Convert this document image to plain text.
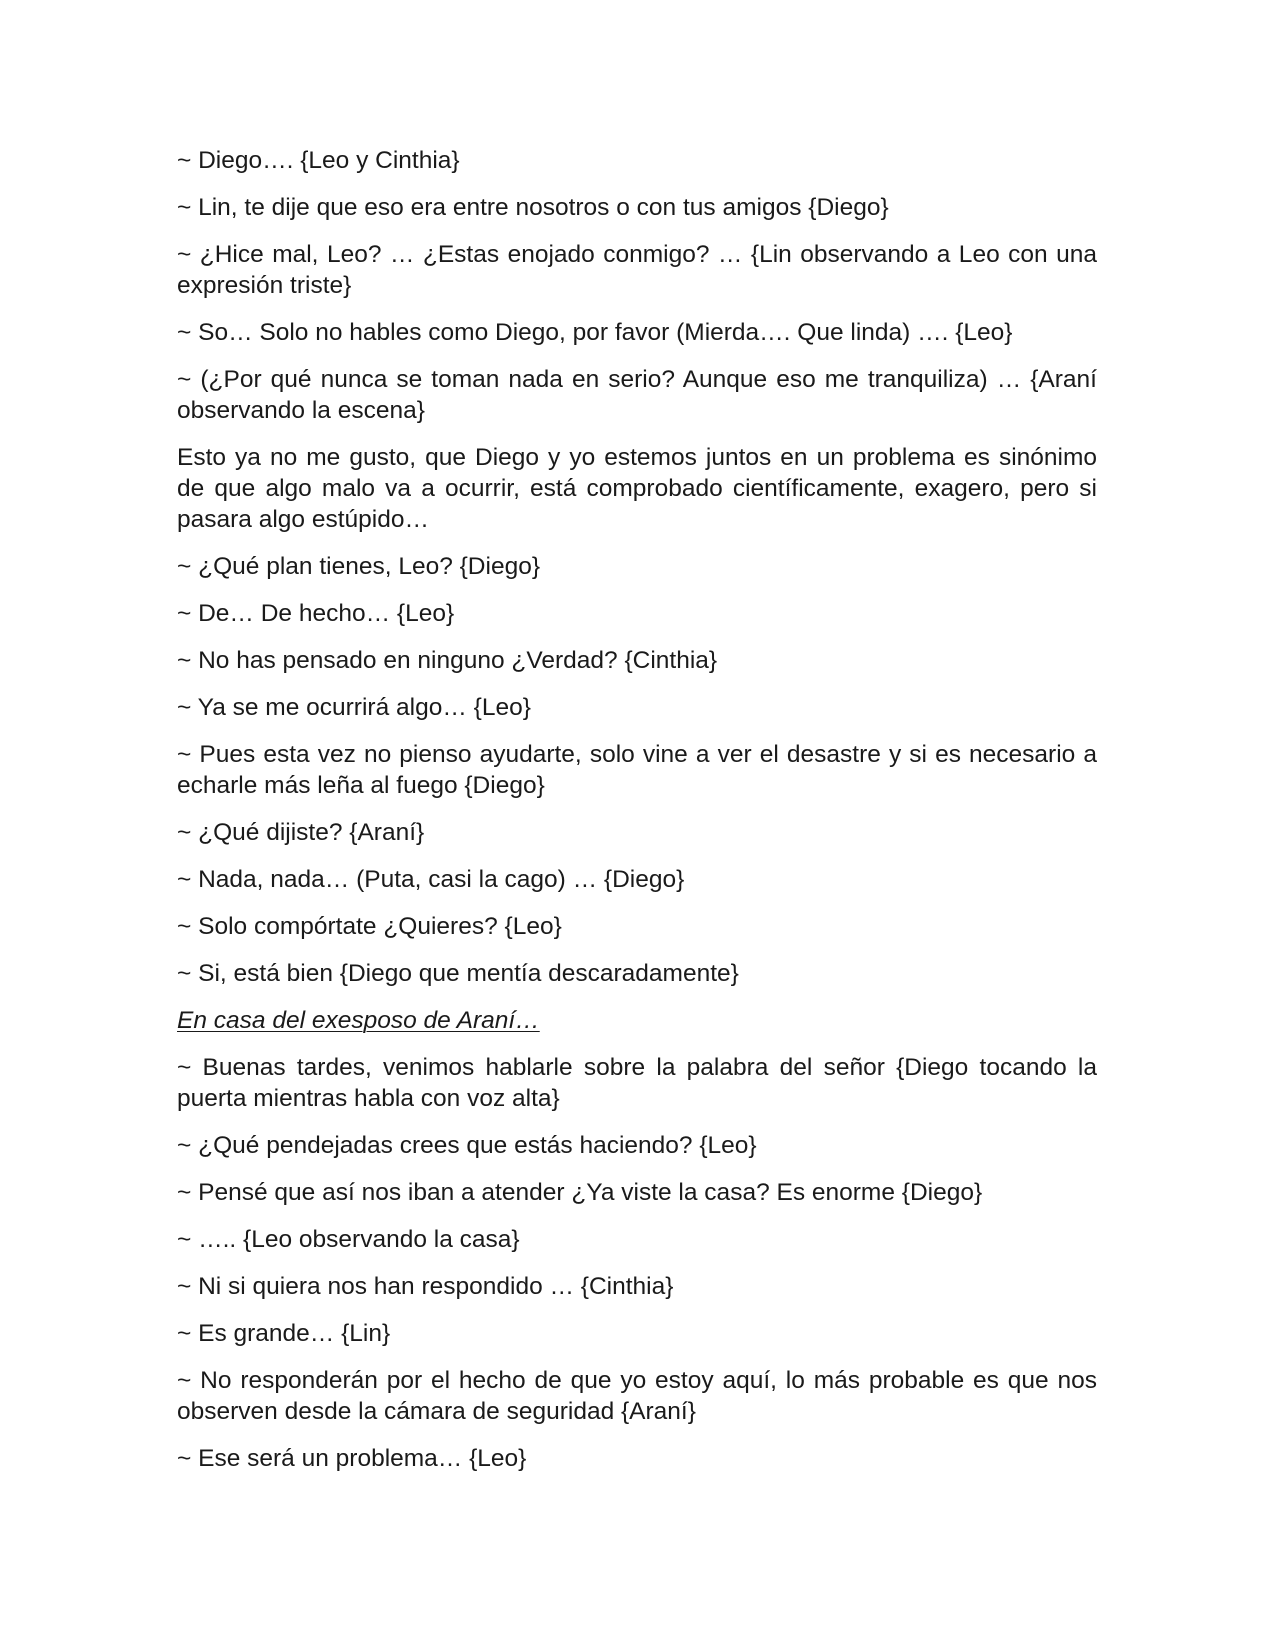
~ Diego…. {Leo y Cinthia}

~ Lin, te dije que eso era entre nosotros o con tus amigos {Diego}

~ ¿Hice mal, Leo? … ¿Estas enojado conmigo? … {Lin observando a Leo con una expresión triste}

~ So… Solo no hables como Diego, por favor (Mierda…. Que linda) …. {Leo}

~ (¿Por qué nunca se toman nada en serio? Aunque eso me tranquiliza) … {Araní observando la escena}

Esto ya no me gusto, que Diego y yo estemos juntos en un problema es sinónimo de que algo malo va a ocurrir, está comprobado científicamente, exagero, pero si pasara algo estúpido…

~ ¿Qué plan tienes, Leo? {Diego}

~ De… De hecho… {Leo}

~ No has pensado en ninguno ¿Verdad? {Cinthia}

~ Ya se me ocurrirá algo… {Leo}

~ Pues esta vez no pienso ayudarte, solo vine a ver el desastre y si es necesario a echarle más leña al fuego {Diego}

~ ¿Qué dijiste? {Araní}

~ Nada, nada… (Puta, casi la cago) … {Diego}

~ Solo compórtate ¿Quieres? {Leo}

~ Si, está bien {Diego que mentía descaradamente}

En casa del exesposo de Araní…

~ Buenas tardes, venimos hablarle sobre la palabra del señor {Diego tocando la puerta mientras habla con voz alta}

~ ¿Qué pendejadas crees que estás haciendo? {Leo}

~ Pensé que así nos iban a atender ¿Ya viste la casa? Es enorme {Diego}

~ ….. {Leo observando la casa}

~ Ni si quiera nos han respondido … {Cinthia}

~ Es grande… {Lin}

~ No responderán por el hecho de que yo estoy aquí, lo más probable es que nos observen desde la cámara de seguridad {Araní}

~ Ese será un problema… {Leo}
